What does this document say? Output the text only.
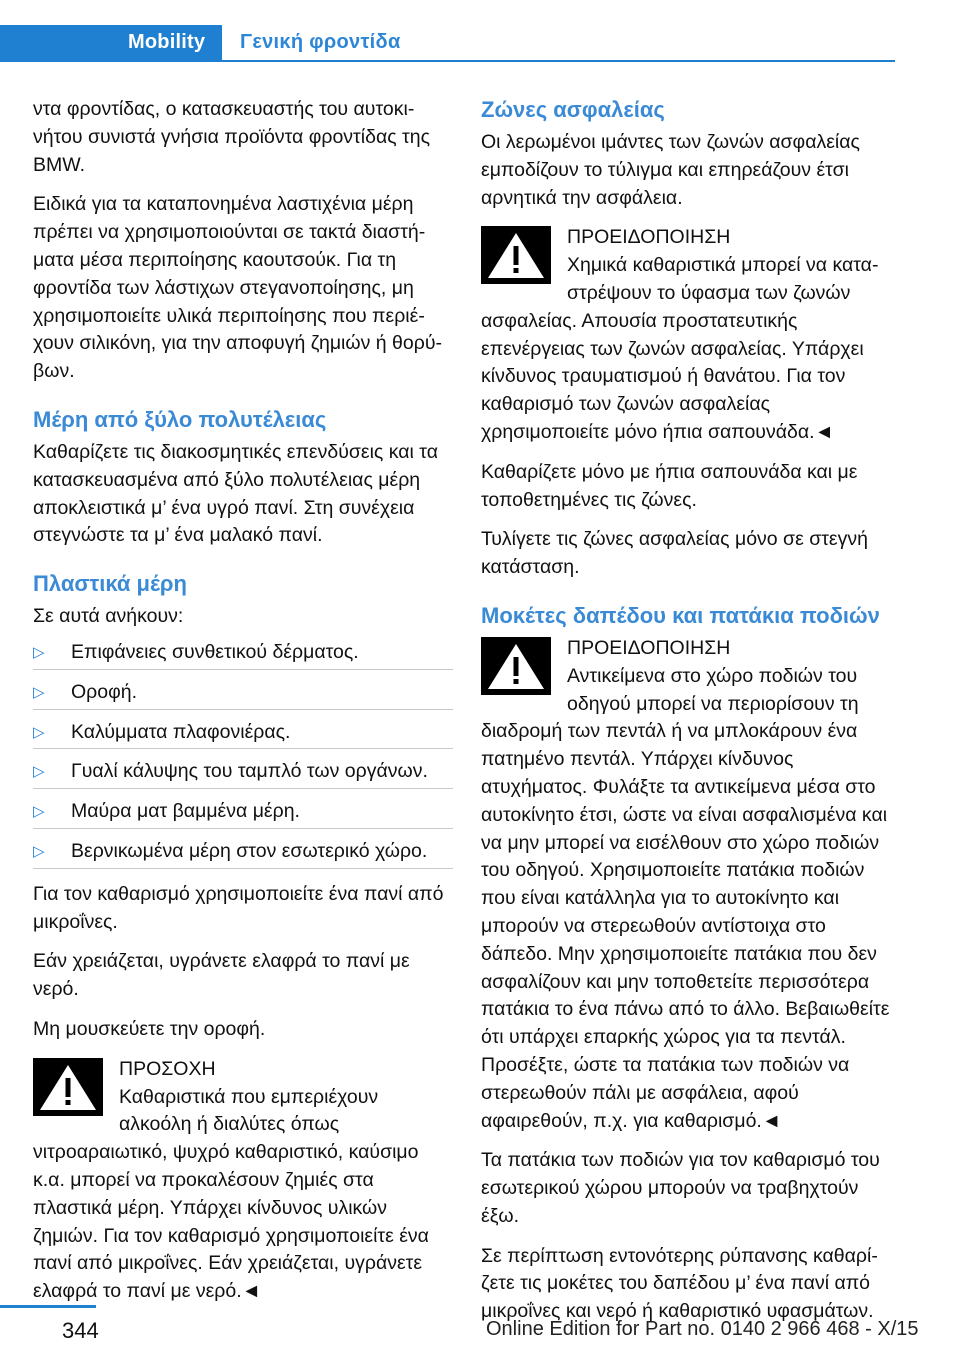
Mobility Γενική φροντίδα

ντα φροντίδας, ο κατασκευαστής του αυτοκινήτου συνιστά γνήσια προϊόντα φροντίδας της BMW.

Ειδικά για τα καταπονημένα λαστιχένια μέρη πρέπει να χρησιμοποιούνται σε τακτά διαστήματα μέσα περιποίησης καουτσούκ. Για τη φροντίδα των λάστιχων στεγανοποίησης, μη χρησιμοποιείτε υλικά περιποίησης που περιέχουν σιλικόνη, για την αποφυγή ζημιών ή θορύβων.

Μέρη από ξύλο πολυτέλειας

Καθαρίζετε τις διακοσμητικές επενδύσεις και τα κατασκευασμένα από ξύλο πολυτέλειας μέρη αποκλειστικά μ’ ένα υγρό πανί. Στη συνέχεια στεγνώστε τα μ’ ένα μαλακό πανί.

Πλαστικά μέρη

Σε αυτά ανήκουν:

▷ Επιφάνειες συνθετικού δέρματος.
▷ Οροφή.
▷ Καλύμματα πλαφονιέρας.
▷ Γυαλί κάλυψης του ταμπλό των οργάνων.
▷ Μαύρα ματ βαμμένα μέρη.
▷ Βερνικωμένα μέρη στον εσωτερικό χώρο.

Για τον καθαρισμό χρησιμοποιείτε ένα πανί από μικροΐνες.

Εάν χρειάζεται, υγράνετε ελαφρά το πανί με νερό.

Μη μουσκεύετε την οροφή.

ΠΡΟΣΟΧΗ
Καθαριστικά που εμπεριέχουν αλκοόλη ή διαλύτες όπως νιτροαραιωτικό, ψυχρό καθαριστικό, καύσιμο κ.α. μπορεί να προκαλέσουν ζημιές στα πλαστικά μέρη. Υπάρχει κίνδυνος υλικών ζημιών. Για τον καθαρισμό χρησιμοποιείτε ένα πανί από μικροΐνες. Εάν χρειάζεται, υγράνετε ελαφρά το πανί με νερό.◄
Ζώνες ασφαλείας

Οι λερωμένοι ιμάντες των ζωνών ασφαλείας εμποδίζουν το τύλιγμα και επηρεάζουν έτσι αρνητικά την ασφάλεια.

ΠΡΟΕΙΔΟΠΟΙΗΣΗ
Χημικά καθαριστικά μπορεί να καταστρέψουν το ύφασμα των ζωνών ασφαλείας. Απουσία προστατευτικής επενέργειας των ζωνών ασφαλείας. Υπάρχει κίνδυνος τραυματισμού ή θανάτου. Για τον καθαρισμό των ζωνών ασφαλείας χρησιμοποιείτε μόνο ήπια σαπουνάδα.◄

Καθαρίζετε μόνο με ήπια σαπουνάδα και με τοποθετημένες τις ζώνες.

Τυλίγετε τις ζώνες ασφαλείας μόνο σε στεγνή κατάσταση.

Μοκέτες δαπέδου και πατάκια ποδιών
ΠΡΟΕΙΔΟΠΟΙΗΣΗ
Αντικείμενα στο χώρο ποδιών του οδηγού μπορεί να περιορίσουν τη διαδρομή των πεντάλ ή να μπλοκάρουν ένα πατημένο πεντάλ. Υπάρχει κίνδυνος ατυχήματος. Φυλάξτε τα αντικείμενα μέσα στο αυτοκίνητο έτσι, ώστε να είναι ασφαλισμένα και να μην μπορεί να εισέλθουν στο χώρο ποδιών του οδηγού. Χρησιμοποιείτε πατάκια ποδιών που είναι κατάλληλα για το αυτοκίνητο και μπορούν να στερεωθούν αντίστοιχα στο δάπεδο. Μην χρησιμοποιείτε πατάκια που δεν ασφαλίζουν και μην τοποθετείτε περισσότερα πατάκια το ένα πάνω από το άλλο. Βεβαιωθείτε ότι υπάρχει επαρκής χώρος για τα πεντάλ. Προσέξτε, ώστε τα πατάκια των ποδιών να στερεωθούν πάλι με ασφάλεια, αφού αφαιρεθούν, π.χ. για καθαρισμό.◄

Τα πατάκια των ποδιών για τον καθαρισμό του εσωτερικού χώρου μπορούν να τραβηχτούν έξω.

Σε περίπτωση εντονότερης ρύπανσης καθαρίζετε τις μοκέτες του δαπέδου μ’ ένα πανί από μικροΐνες και νερό ή καθαριστικό υφασμάτων.

344	Online Edition for Part no. 0140 2 966 468 - X/15
